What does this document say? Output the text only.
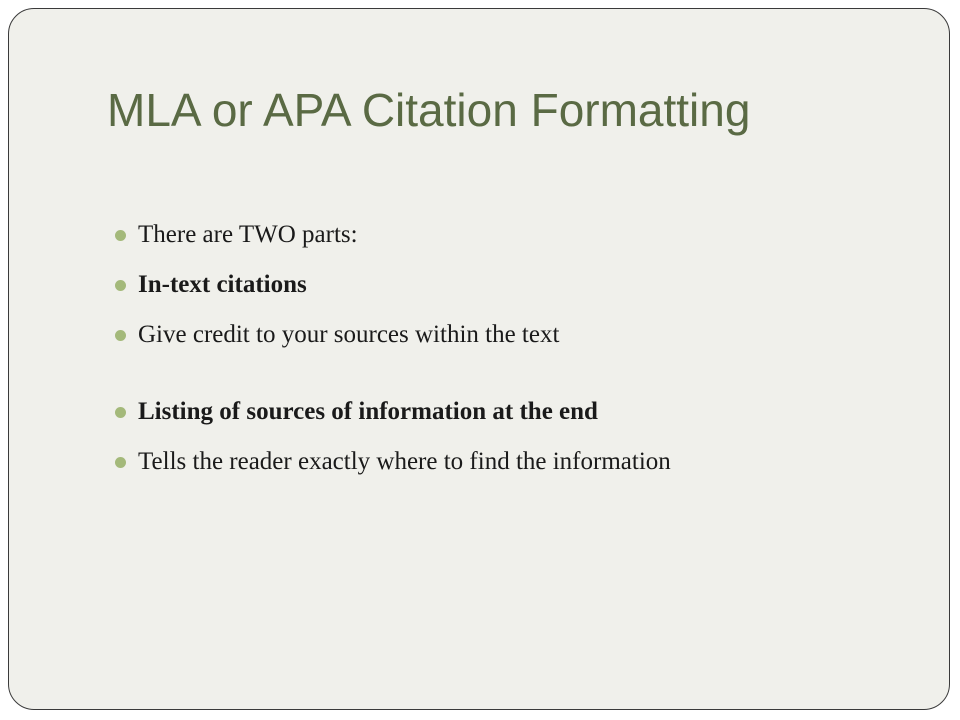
MLA or APA Citation Formatting
There are TWO parts:
In-text citations
Give credit to your sources within the text
Listing of sources of information at the end
Tells the reader exactly where to find the information
